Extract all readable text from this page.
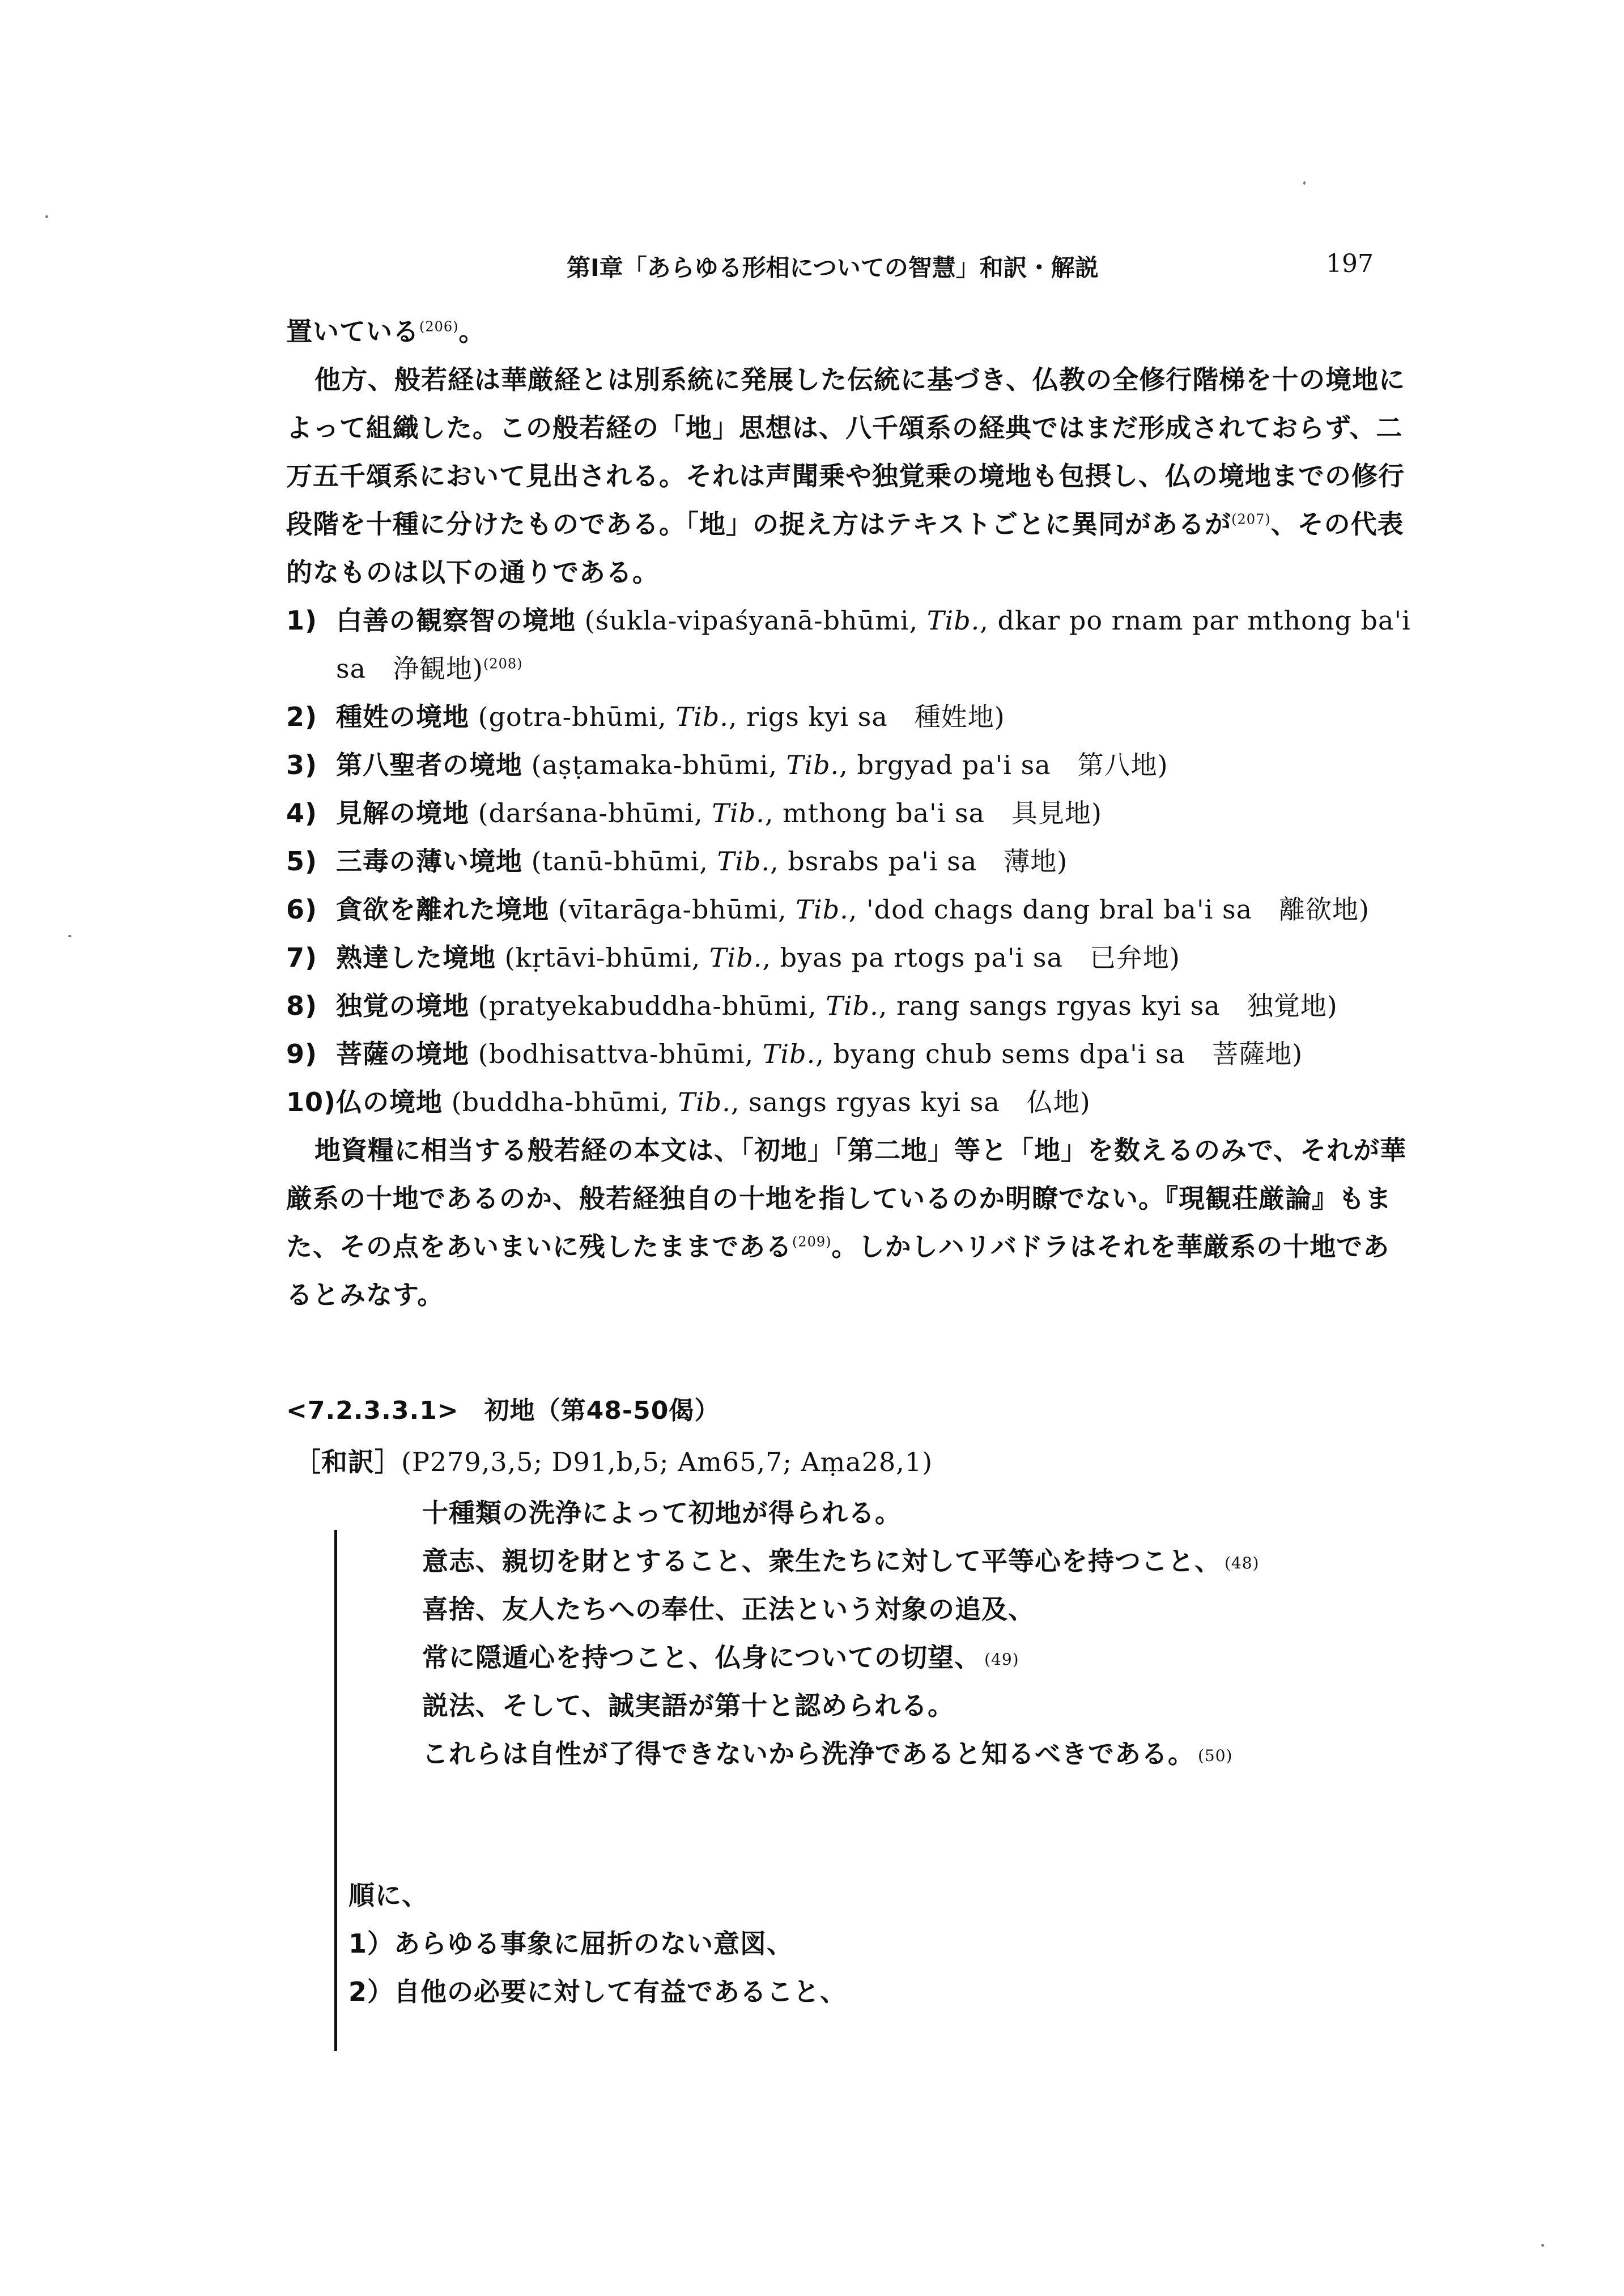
第Ⅰ章「あらゆる形相についての智慧」和訳・解説	197
置いている$^{(206)}$。
他方、般若経は華厳経とは別系統に発展した伝統に基づき、仏教の全修行階梯を十の境地に
よって組織した。この般若経の「地」思想は、八千頌系の経典ではまだ形成されておらず、二
万五千頌系において見出される。それは声聞乗や独覚乗の境地も包摂し、仏の境地までの修行
段階を十種に分けたものである。「地」の捉え方はテキストごとに異同があるが$^{(207)}$、その代表
的なものは以下の通りである。
1) 白善の観察智の境地 (śukla-vipaśyanā-bhūmi, Tib., dkar po rnam par mthong ba'i
sa　浄観地)$^{(208)}$
2) 種姓の境地 (gotra-bhūmi, Tib., rigs kyi sa　種姓地)
3) 第八聖者の境地 (aṣṭamaka-bhūmi, Tib., brgyad pa'i sa　第八地)
4) 見解の境地 (darśana-bhūmi, Tib., mthong ba'i sa　具見地)
5) 三毒の薄い境地 (tanū-bhūmi, Tib., bsrabs pa'i sa　薄地)
6) 貪欲を離れた境地 (vītarāga-bhūmi, Tib., 'dod chags dang bral ba'i sa　離欲地)
7) 熟達した境地 (kṛtāvi-bhūmi, Tib., byas pa rtogs pa'i sa　已弁地)
8) 独覚の境地 (pratyekabuddha-bhūmi, Tib., rang sangs rgyas kyi sa　独覚地)
9) 菩薩の境地 (bodhisattva-bhūmi, Tib., byang chub sems dpa'i sa　菩薩地)
10)仏の境地 (buddha-bhūmi, Tib., sangs rgyas kyi sa　仏地)
地資糧に相当する般若経の本文は、「初地」「第二地」等と「地」を数えるのみで、それが華
厳系の十地であるのか、般若経独自の十地を指しているのか明瞭でない。『現観荘厳論』もま
た、その点をあいまいに残したままである$^{(209)}$。しかしハリバドラはそれを華厳系の十地であ
るとみなす。
<7.2.3.3.1>　初地（第48-50偈）
［和訳］(P279,3,5; D91,b,5; Am65,7; Aṃa28,1)
十種類の洗浄によって初地が得られる。
意志、親切を財とすること、衆生たちに対して平等心を持つこと、 (48)
喜捨、友人たちへの奉仕、正法という対象の追及、
常に隠遁心を持つこと、仏身についての切望、 (49)
説法、そして、誠実語が第十と認められる。
これらは自性が了得できないから洗浄であると知るべきである。 (50)
順に、
1）あらゆる事象に屈折のない意図、
2）自他の必要に対して有益であること、
